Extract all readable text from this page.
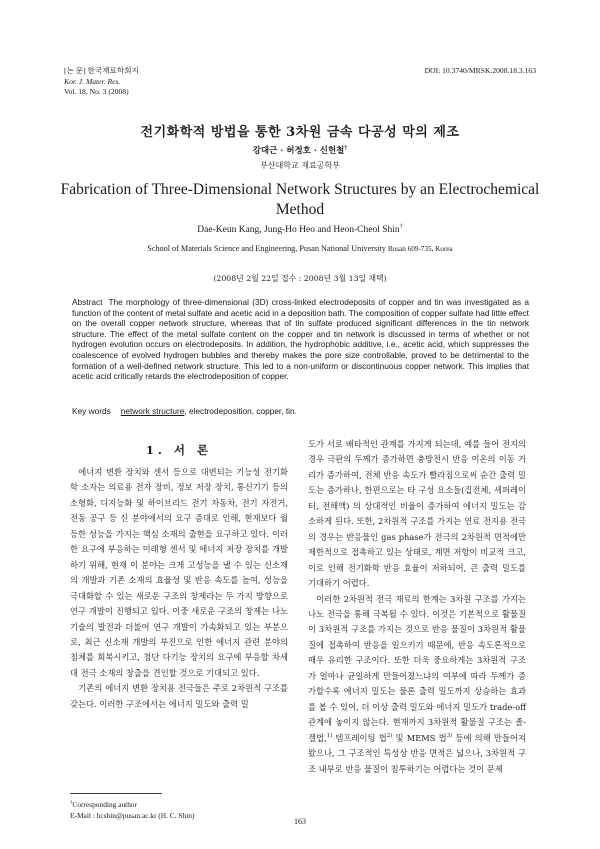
[논 문] 한국재료학회지
Kor. J. Mater. Res.
Vol. 18, No. 3 (2008)
DOI: 10.3740/MRSK.2008.18.3.163
전기화학적 방법을 통한 3차원 금속 다공성 막의 제조
강대근 · 허정호 · 신헌철†
부산대학교 재료공학부
Fabrication of Three-Dimensional Network Structures by an Electrochemical Method
Dae-Keun Kang, Jung-Ho Heo and Heon-Cheol Shin†
School of Materials Science and Engineering, Pusan National University Busan 609-735, Korea
(2008년 2월 22일 접수 : 2008년 3월 13일 채택)
Abstract The morphology of three-dimensional (3D) cross-linked electrodeposits of copper and tin was investigated as a function of the content of metal sulfate and acetic acid in a deposition bath. The composition of copper sulfate had little effect on the overall copper network structure, whereas that of tin sulfate produced significant differences in the tin network structure. The effect of the metal sulfate content on the copper and tin network is discussed in terms of whether or not hydrogen evolution occurs on electrodeposits. In addition, the hydrophobic additive, i.e., acetic acid, which suppresses the coalescence of evolved hydrogen bubbles and thereby makes the pore size controllable, proved to be detrimental to the formation of a well-defined network structure. This led to a non-uniform or discontinuous copper network. This implies that acetic acid critically retards the electrodeposition of copper.
Key words network structure, electrodeposition, copper, tin.
1. 서 론

에너지 변환 장치와 센서 등으로 대변되는 기능성 전기화학 소자는 의료용 전자 장비, 정보 저장 장치, 통신기기 등의 소형화, 디지능화 및 하이브리드 전기 자동차, 전기 자전거, 전동 공구 등 신 분야에서의 요구 증대로 인해, 현재보다 월등한 성능을 가지는 핵심 소재의 출현을 요구하고 있다. 이러한 요구에 부응하는 미래형 센서 및 에너지 저장 장치를 개발하기 위해, 현재 이 분야는 크게 고성능을 낼 수 있는 신소재의 개발과 기존 소재의 효율성 및 반응 속도를 높여, 성능을 극대화할 수 있는 새로운 구조의 창제라는 두 가지 방향으로 연구 개발이 진행되고 있다. 이중 새로운 구조의 창제는 나노 기술의 발전과 더불어 연구 개발이 가속화되고 있는 부분으로, 최근 신소재 개발의 부진으로 인한 에너지 관련 분야의 침체를 회복시키고, 첨단 다기능 장치의 요구에 부응할 차세대 전극 소재의 창출을 견인할 것으로 기대되고 있다.

기존의 에너지 변환 장치용 전극들은 주로 2차원적 구조를 갖는다. 이러한 구조에서는 에너지 밀도와 출력 밀

도가 서로 배타적인 관계를 가지게 되는데, 예를 들어 전지의 경우 극판의 두께가 증가하면 충방전시 반응 이온의 이동 거리가 증가하여, 전체 반응 속도가 빨라짐으로써 순간 출력 밀도는 증가하나, 한편으로는 타 구성 요소들(집전체, 세퍼레이터, 전해액) 의 상대적인 비율이 증가하여 에너지 밀도는 감소하게 된다. 또한, 2차원적 구조를 가지는 연료 전지용 전극의 경우는 반응물인 gas phase가 전극의 2차원적 면적에만 제한적으로 접촉하고 있는 상태로, 계면 저항이 비교적 크고, 이로 인해 전기화학 반응 효율이 저하되어, 큰 출력 밀도를 기대하기 어렵다.

이러한 2차원적 전극 재료의 한계는 3차원 구조를 가지는 나노 전극을 통해 극복될 수 있다. 이것은 기본적으로 활물질이 3차원적 구조를 가지는 것으로 반응 물질이 3차원적 활물질에 접촉하여 반응을 일으키기 때문에, 반응 속도론적으로 매우 유리한 구조이다. 또한 더욱 중요하게는 3차원적 구조가 얼마나 균일하게 만들어졌느냐의 여부에 따라 두께가 증가할수록 에너지 밀도는 물론 출력 밀도까지 상승하는 효과를 볼 수 있어, 더 이상 출력 밀도와 에너지 밀도가 trade-off 관계에 놓이지 않는다. 현재까지 3차원적 활물질 구조는 졸-겔법,$^{1)}$ 템프레이팅 법$^{2)}$ 및 MEMS 법$^{3)}$ 등에 의해 만들어져 왔으나, 그 구조적인 특성상 반응 면적은 넓으나, 3차원적 구조 내부로 반응 물질이 침투하기는 어렵다는 것이 문제

†Corresponding author
E-Mail : hcshin@pusan.ac.kr (H. C. Shin)
163
